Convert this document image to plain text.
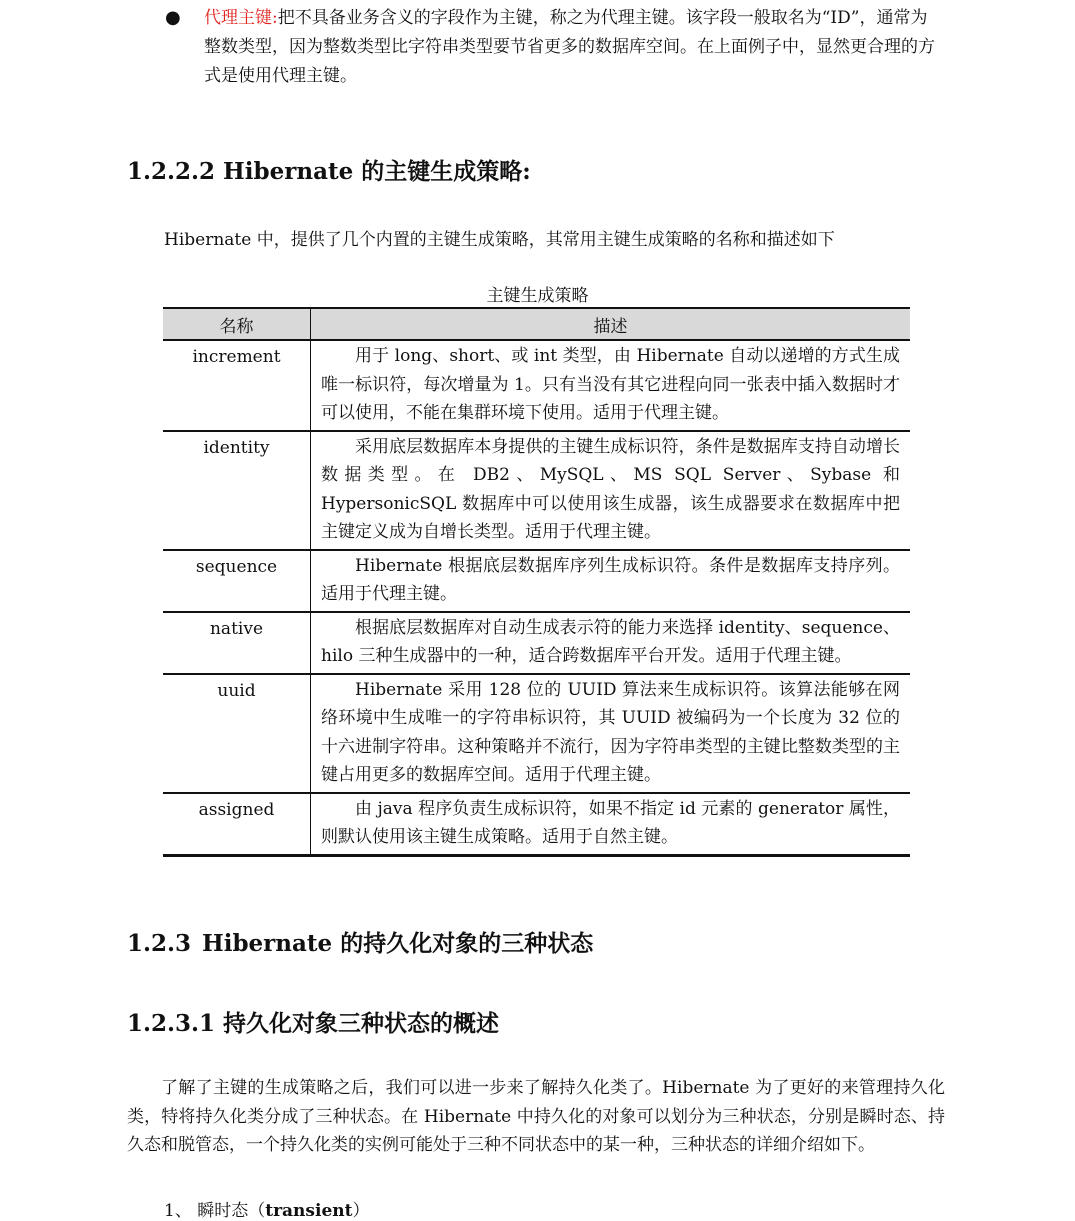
● 代理主键:把不具备业务含义的字段作为主键，称之为代理主键。该字段一般取名为“ID”，通常为整数类型，因为整数类型比字符串类型要节省更多的数据库空间。在上面例子中，显然更合理的方式是使用代理主键。
1.2.2.2 Hibernate 的主键生成策略:
Hibernate 中，提供了几个内置的主键生成策略，其常用主键生成策略的名称和描述如下
主键生成策略
名称	描述

increment	用于 long、short、或 int 类型，由 Hibernate 自动以递增的方式生成唯一标识符，每次增量为 1。只有当没有其它进程向同一张表中插入数据时才可以使用，不能在集群环境下使用。适用于代理主键。

identity	采用底层数据库本身提供的主键生成标识符，条件是数据库支持自动增长数据类型。在 DB2、MySQL、MS SQL Server、Sybase 和 HypersonicSQL 数据库中可以使用该生成器，该生成器要求在数据库中把主键定义成为自增长类型。适用于代理主键。

sequence	Hibernate 根据底层数据库序列生成标识符。条件是数据库支持序列。适用于代理主键。

native	根据底层数据库对自动生成表示符的能力来选择 identity、sequence、hilo 三种生成器中的一种，适合跨数据库平台开发。适用于代理主键。

uuid	Hibernate 采用 128 位的 UUID 算法来生成标识符。该算法能够在网络环境中生成唯一的字符串标识符，其 UUID 被编码为一个长度为 32 位的十六进制字符串。这种策略并不流行，因为字符串类型的主键比整数类型的主键占用更多的数据库空间。适用于代理主键。

assigned	由 java 程序负责生成标识符，如果不指定 id 元素的 generator 属性，则默认使用该主键生成策略。适用于自然主键。
1.2.3 Hibernate 的持久化对象的三种状态
1.2.3.1 持久化对象三种状态的概述
了解了主键的生成策略之后，我们可以进一步来了解持久化类了。Hibernate 为了更好的来管理持久化类，特将持久化类分成了三种状态。在 Hibernate 中持久化的对象可以划分为三种状态，分别是瞬时态、持久态和脱管态，一个持久化类的实例可能处于三种不同状态中的某一种，三种状态的详细介绍如下。
1、 瞬时态（transient）
